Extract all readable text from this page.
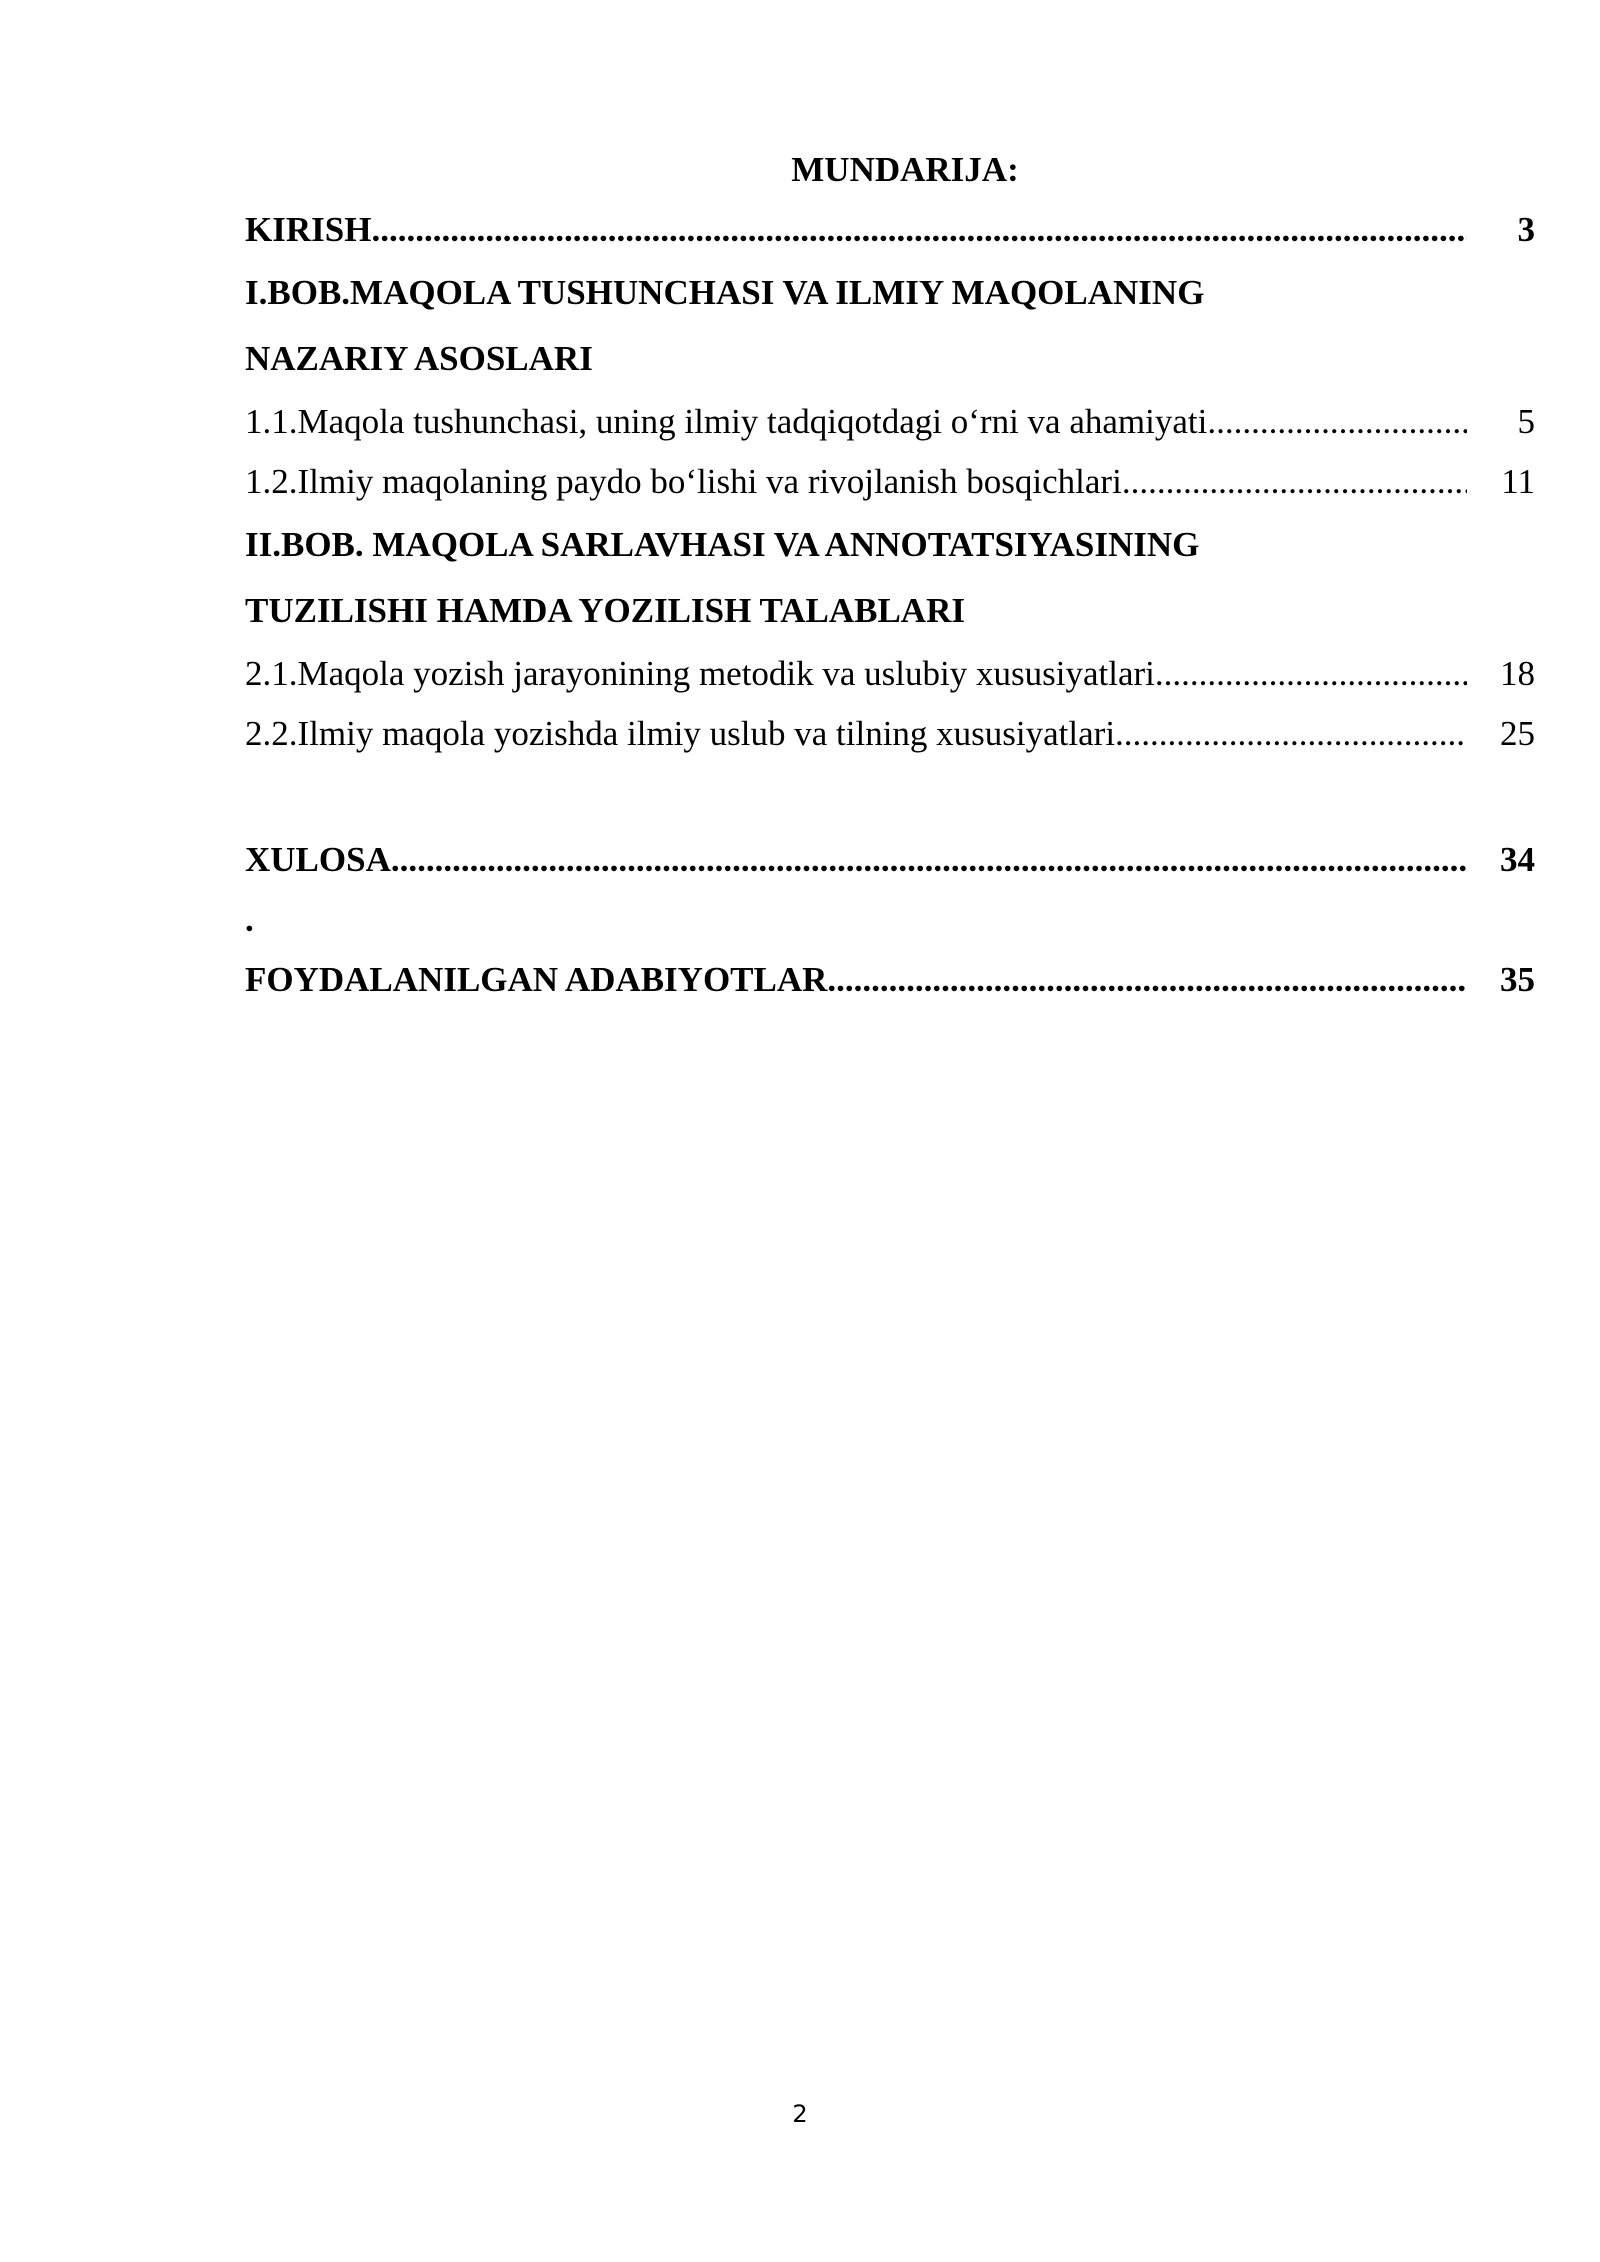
MUNDARIJA:
KIRISH .....	3
I.BOB.MAQOLA TUSHUNCHASI VA ILMIY MAQOLANING
NAZARIY ASOSLARI
1.1.Maqola tushunchasi, uning ilmiy tadqiqotdagi o‘rni va ahamiyati .....	5
1.2.Ilmiy maqolaning paydo bo‘lishi va rivojlanish bosqichlari .....	11
II.BOB. MAQOLA SARLAVHASI VA ANNOTATSIYASINING
TUZILISHI HAMDA YOZILISH TALABLARI
2.1.Maqola yozish jarayonining metodik va uslubiy xususiyatlari .....	18
2.2.Ilmiy maqola yozishda ilmiy uslub va tilning xususiyatlari .....	25
XULOSA .....	34
.
FOYDALANILGAN ADABIYOTLAR .....	35
2
